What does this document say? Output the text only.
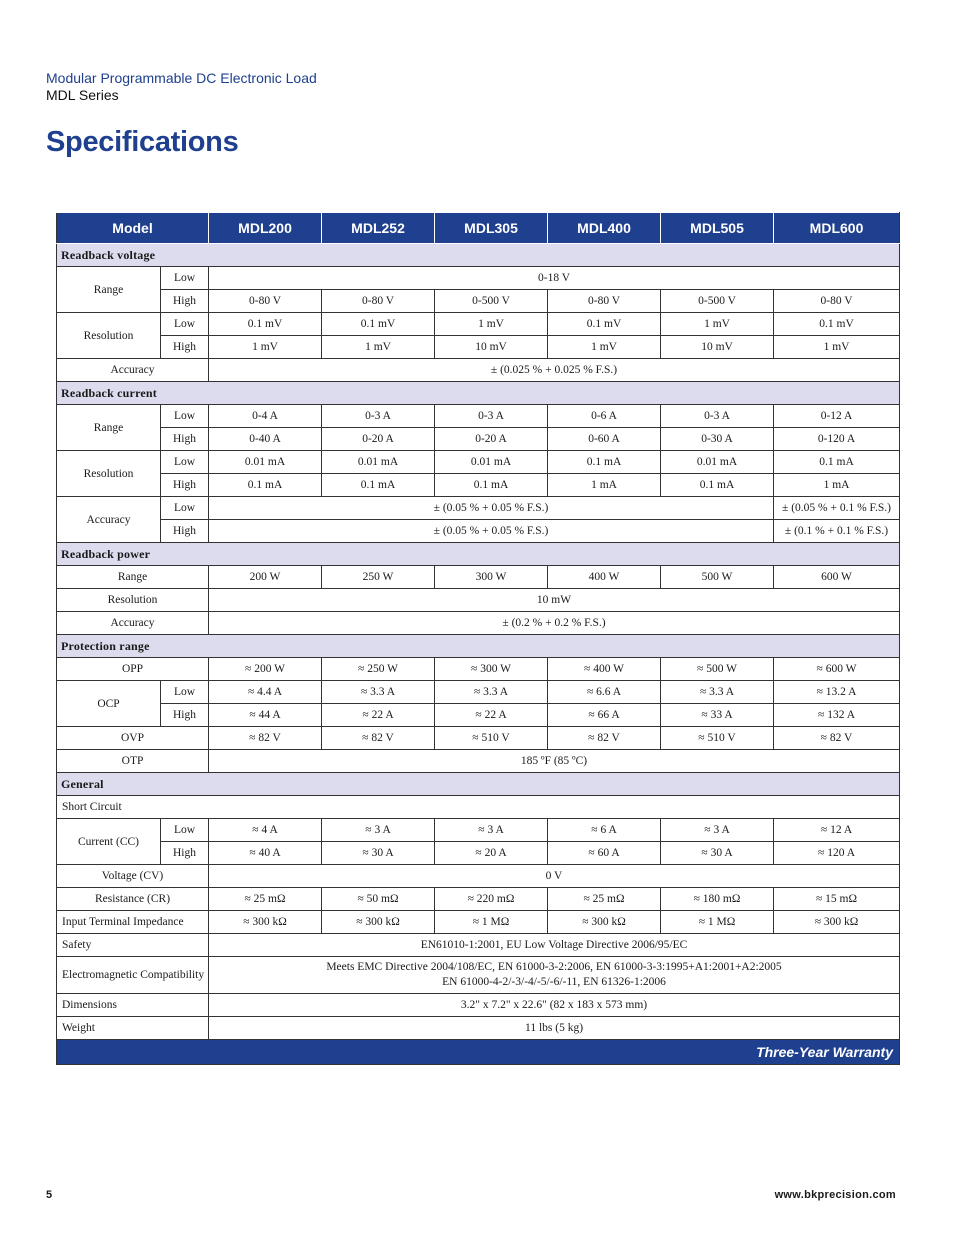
Modular Programmable DC Electronic Load
MDL Series
Specifications
Model		MDL200	MDL252	MDL305	MDL400	MDL505	MDL600
Readback voltage							
Range	Low	0-18 V					
	High	0-80 V	0-80 V	0-500 V	0-80 V	0-500 V	0-80 V
Resolution	Low	0.1 mV	0.1 mV	1 mV	0.1 mV	1 mV	0.1 mV
	High	1 mV	1 mV	10 mV	1 mV	10 mV	1 mV
Accuracy		± (0.025 % + 0.025 % F.S.)					
Readback current							
Range	Low	0-4 A	0-3 A	0-3 A	0-6 A	0-3 A	0-12 A
	High	0-40 A	0-20 A	0-20 A	0-60 A	0-30 A	0-120 A
Resolution	Low	0.01 mA	0.01 mA	0.01 mA	0.1 mA	0.01 mA	0.1 mA
	High	0.1 mA	0.1 mA	0.1 mA	1 mA	0.1 mA	1 mA
Accuracy	Low	± (0.05 % + 0.05 % F.S.)					± (0.05 % + 0.1 % F.S.)
	High	± (0.05 % + 0.05 % F.S.)					± (0.1 % + 0.1 % F.S.)
Readback power							
Range		200 W	250 W	300 W	400 W	500 W	600 W
Resolution		10 mW					
Accuracy		± (0.2 % + 0.2 % F.S.)					
Protection range							
OPP		≈ 200 W	≈ 250 W	≈ 300 W	≈ 400 W	≈ 500 W	≈ 600 W
OCP	Low	≈ 4.4 A	≈ 3.3 A	≈ 3.3 A	≈ 6.6 A	≈ 3.3 A	≈ 13.2 A
	High	≈ 44 A	≈ 22 A	≈ 22 A	≈ 66 A	≈ 33 A	≈ 132 A
OVP		≈ 82 V	≈ 82 V	≈ 510 V	≈ 82 V	≈ 510 V	≈ 82 V
OTP		185 ºF (85 ºC)					
General							
Short Circuit							
Current (CC)	Low	≈ 4 A	≈ 3 A	≈ 3 A	≈ 6 A	≈ 3 A	≈ 12 A
	High	≈ 40 A	≈ 30 A	≈ 20 A	≈ 60 A	≈ 30 A	≈ 120 A
Voltage (CV)		0 V					
Resistance (CR)		≈ 25 mΩ	≈ 50 mΩ	≈ 220 mΩ	≈ 25 mΩ	≈ 180 mΩ	≈ 15 mΩ
Input Terminal Impedance		≈ 300 kΩ	≈ 300 kΩ	≈ 1 MΩ	≈ 300 kΩ	≈ 1 MΩ	≈ 300 kΩ
Safety		EN61010-1:2001, EU Low Voltage Directive 2006/95/EC					
Electromagnetic Compatibility		Meets EMC Directive 2004/108/EC, EN 61000-3-2:2006, EN 61000-3-3:1995+A1:2001+A2:2005
EN 61000-4-2/-3/-4/-5/-6/-11, EN 61326-1:2006					

Dimensions		3.2" x 7.2" x 22.6" (82 x 183 x 573 mm)					
Weight		11 lbs (5 kg)					
Three-Year Warranty							
5	www.bkprecision.com
